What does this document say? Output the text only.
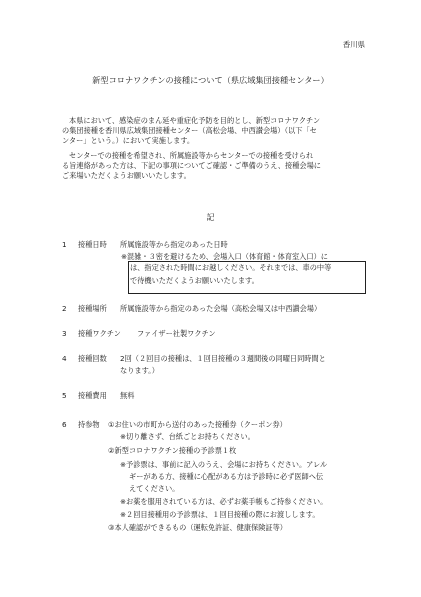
香川県
新型コロナワクチンの接種について（県広域集団接種センター）
本県において、感染症のまん延や重症化予防を目的とし、新型コロナワクチン
の集団接種を香川県広域集団接種センター（高松会場、中西讃会場）（以下「セ
ンター」という。）において実施します。
センターでの接種を希望され、所属施設等からセンターでの接種を受けられ
る旨連絡があった方は、下記の事項についてご確認・ご準備のうえ、接種会場に
ご来場いただくようお願いいたします。
記
1 接種日時 所属施設等から指定のあった日時
※混雑・３密を避けるため、会場入口（体育館・体育室入口）に
は、指定された時間にお越しください。それまでは、車の中等
で待機いただくようお願いいたします。
2 接種場所 所属施設等から指定のあった会場（高松会場又は中西讃会場）
3 接種ワクチン ファイザー社製ワクチン
4 接種回数 2回（２回目の接種は、１回目接種の３週間後の同曜日同時間と
なります。）
5 接種費用 無料
6 持参物 ①お住いの市町から送付のあった接種券（クーポン券）
※切り離さず、台紙ごとお持ちください。
②新型コロナワクチン接種の予診票１枚
※予診票は、事前に記入のうえ、会場にお持ちください。アレル
ギーがある方、接種に心配がある方は予診時に必ず医師へ伝
えてください。
※お薬を服用されている方は、必ずお薬手帳もご持参ください。
※２回目接種用の予診票は、１回目接種の際にお渡しします。
③本人確認ができるもの（運転免許証、健康保険証等）
